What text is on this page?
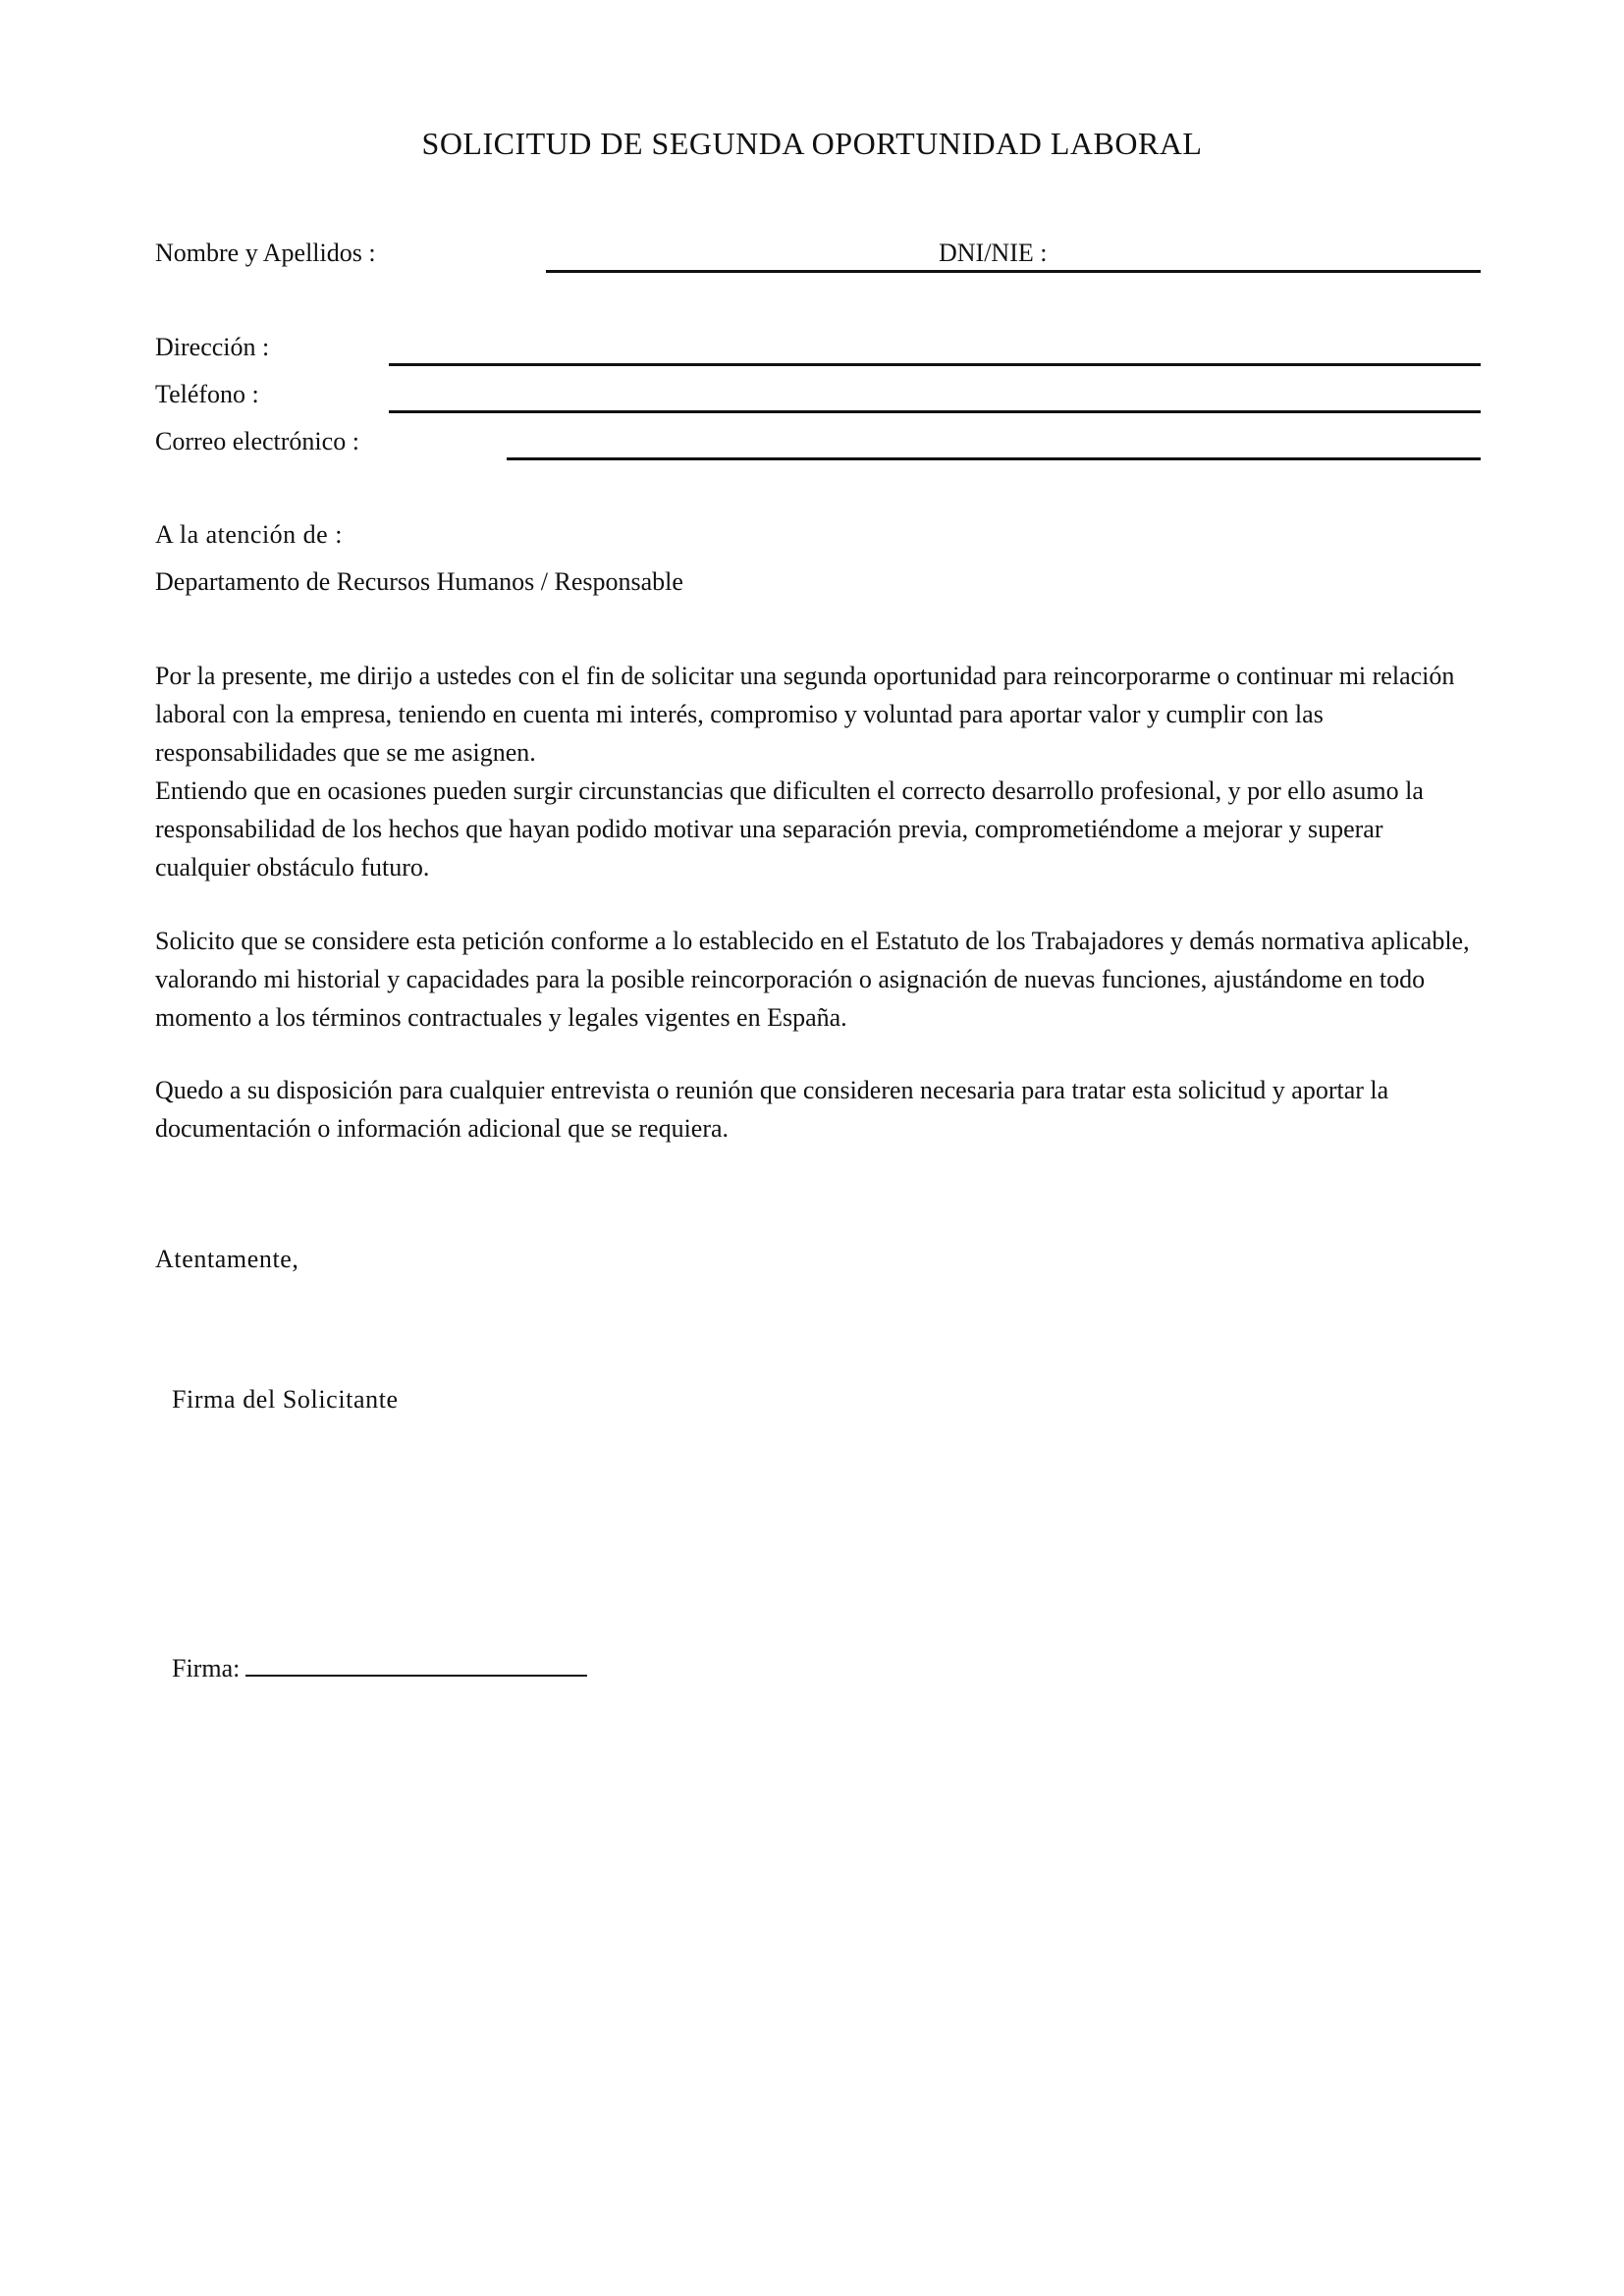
SOLICITUD DE SEGUNDA OPORTUNIDAD LABORAL
Nombre y Apellidos :	DNI/NIE :
Dirección :
Teléfono :
Correo electrónico :
A la atención de :
Departamento de Recursos Humanos / Responsable

Por la presente, me dirijo a ustedes con el fin de solicitar una segunda oportunidad para reincorporarme o continuar mi relación laboral con la empresa, teniendo en cuenta mi interés, compromiso y voluntad para aportar valor y cumplir con las responsabilidades que se me asignen.

Entiendo que en ocasiones pueden surgir circunstancias que dificulten el correcto desarrollo profesional, y por ello asumo la responsabilidad de los hechos que hayan podido motivar una separación previa, comprometiéndome a mejorar y superar cualquier obstáculo futuro.

Solicito que se considere esta petición conforme a lo establecido en el Estatuto de los Trabajadores y demás normativa aplicable, valorando mi historial y capacidades para la posible reincorporación o asignación de nuevas funciones, ajustándome en todo momento a los términos contractuales y legales vigentes en España.

Quedo a su disposición para cualquier entrevista o reunión que consideren necesaria para tratar esta solicitud y aportar la documentación o información adicional que se requiera.

Atentamente,
Firma del Solicitante
Firma:
